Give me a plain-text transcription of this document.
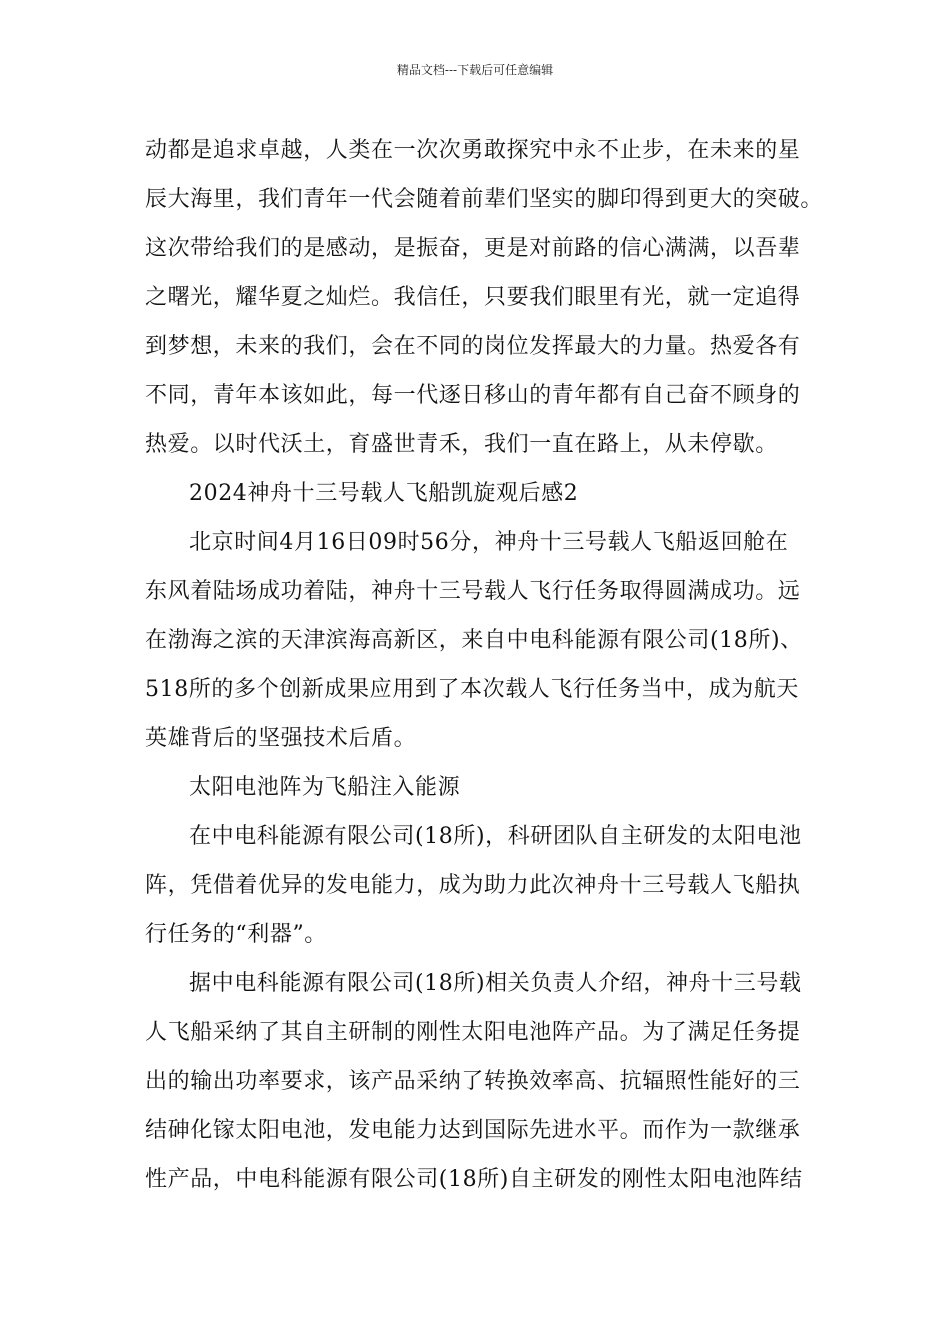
精品文档---下载后可任意编辑

动都是追求卓越，人类在一次次勇敢探究中永不止步，在未来的星
辰大海里，我们青年一代会随着前辈们坚实的脚印得到更大的突破。
这次带给我们的是感动，是振奋，更是对前路的信心满满，以吾辈
之曙光，耀华夏之灿烂。我信任，只要我们眼里有光，就一定追得
到梦想，未来的我们，会在不同的岗位发挥最大的力量。热爱各有
不同，青年本该如此，每一代逐日移山的青年都有自己奋不顾身的
热爱。以时代沃土，育盛世青禾，我们一直在路上，从未停歇。

2024神舟十三号载人飞船凯旋观后感2

北京时间4月16日09时56分，神舟十三号载人飞船返回舱在
东风着陆场成功着陆，神舟十三号载人飞行任务取得圆满成功。远
在渤海之滨的天津滨海高新区，来自中电科能源有限公司(18所)、
518所的多个创新成果应用到了本次载人飞行任务当中，成为航天
英雄背后的坚强技术后盾。

太阳电池阵为飞船注入能源

在中电科能源有限公司(18所)，科研团队自主研发的太阳电池
阵，凭借着优异的发电能力，成为助力此次神舟十三号载人飞船执
行任务的“利器”。

据中电科能源有限公司(18所)相关负责人介绍，神舟十三号载
人飞船采纳了其自主研制的刚性太阳电池阵产品。为了满足任务提
出的输出功率要求，该产品采纳了转换效率高、抗辐照性能好的三
结砷化镓太阳电池，发电能力达到国际先进水平。而作为一款继承
性产品，中电科能源有限公司(18所)自主研发的刚性太阳电池阵结
